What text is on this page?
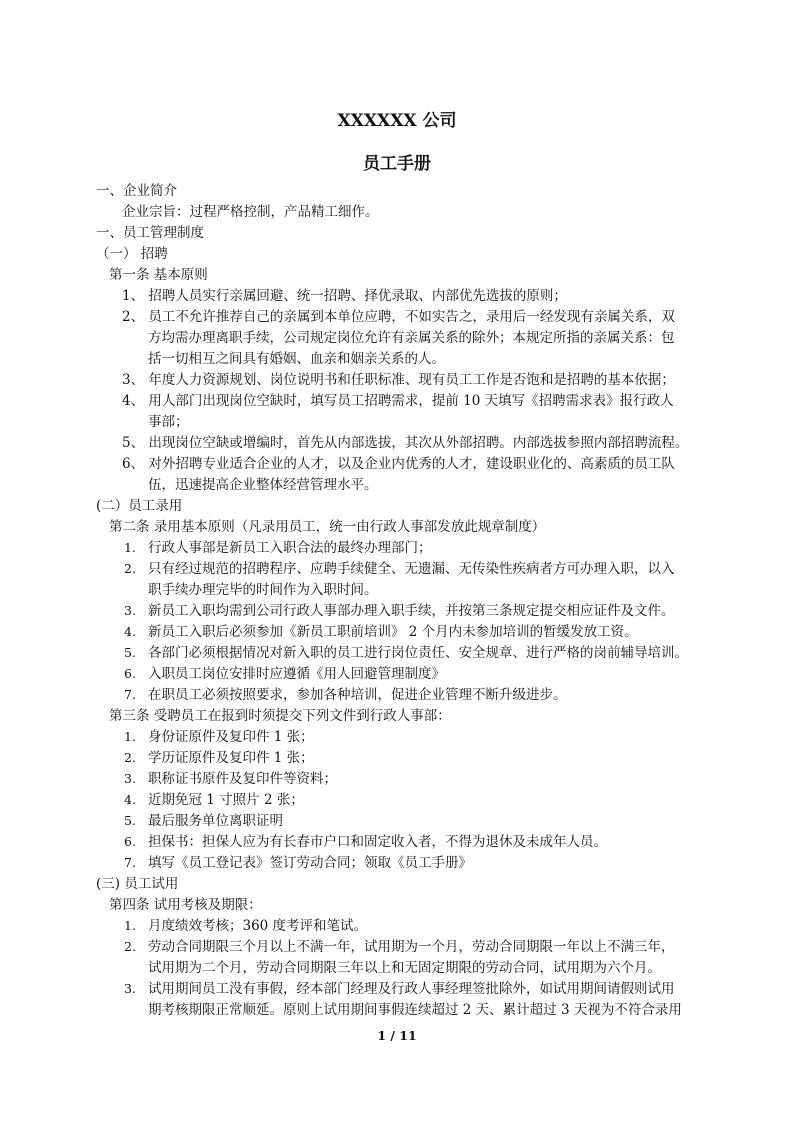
XXXXXX 公司
员工手册
一、企业简介
企业宗旨：过程严格控制，产品精工细作。
一、员工管理制度
（一） 招聘
第一条 基本原则
1、 招聘人员实行亲属回避、统一招聘、择优录取、内部优先选拔的原则；
2、 员工不允许推荐自己的亲属到本单位应聘，不如实告之，录用后一经发现有亲属关系，双
方均需办理离职手续，公司规定岗位允许有亲属关系的除外；本规定所指的亲属关系：包
括一切相互之间具有婚姻、血亲和姻亲关系的人。
3、 年度人力资源规划、岗位说明书和任职标准、现有员工工作是否饱和是招聘的基本依据；
4、 用人部门出现岗位空缺时，填写员工招聘需求，提前 10 天填写《招聘需求表》报行政人
事部；
5、 出现岗位空缺或增编时，首先从内部选拔，其次从外部招聘。内部选拔参照内部招聘流程。
6、 对外招聘专业适合企业的人才，以及企业内优秀的人才，建设职业化的、高素质的员工队
伍，迅速提高企业整体经营管理水平。
(二）员工录用
第二条 录用基本原则（凡录用员工，统一由行政人事部发放此规章制度）
1. 行政人事部是新员工入职合法的最终办理部门；
2. 只有经过规范的招聘程序、应聘手续健全、无遗漏、无传染性疾病者方可办理入职，以入
职手续办理完毕的时间作为入职时间。
3. 新员工入职均需到公司行政人事部办理入职手续，并按第三条规定提交相应证件及文件。
4. 新员工入职后必须参加《新员工职前培训》 2 个月内未参加培训的暂缓发放工资。
5. 各部门必须根据情况对新入职的员工进行岗位责任、安全规章、进行严格的岗前辅导培训。
6. 入职员工岗位安排时应遵循《用人回避管理制度》
7. 在职员工必须按照要求，参加各种培训，促进企业管理不断升级进步。
第三条 受聘员工在报到时须提交下列文件到行政人事部：
1. 身份证原件及复印件 1 张；
2. 学历证原件及复印件 1 张；
3. 职称证书原件及复印件等资料；
4. 近期免冠 1 寸照片 2 张；
5. 最后服务单位离职证明
6. 担保书：担保人应为有长春市户口和固定收入者，不得为退休及未成年人员。
7. 填写《员工登记表》签订劳动合同；领取《员工手册》
(三) 员工试用
第四条 试用考核及期限：
1. 月度绩效考核；360 度考评和笔试。
2. 劳动合同期限三个月以上不满一年，试用期为一个月，劳动合同期限一年以上不满三年，
试用期为二个月，劳动合同期限三年以上和无固定期限的劳动合同，试用期为六个月。
3. 试用期间员工没有事假，经本部门经理及行政人事经理签批除外，如试用期间请假则试用
期考核期限正常顺延。原则上试用期间事假连续超过 2 天、累计超过 3 天视为不符合录用
1 / 11
